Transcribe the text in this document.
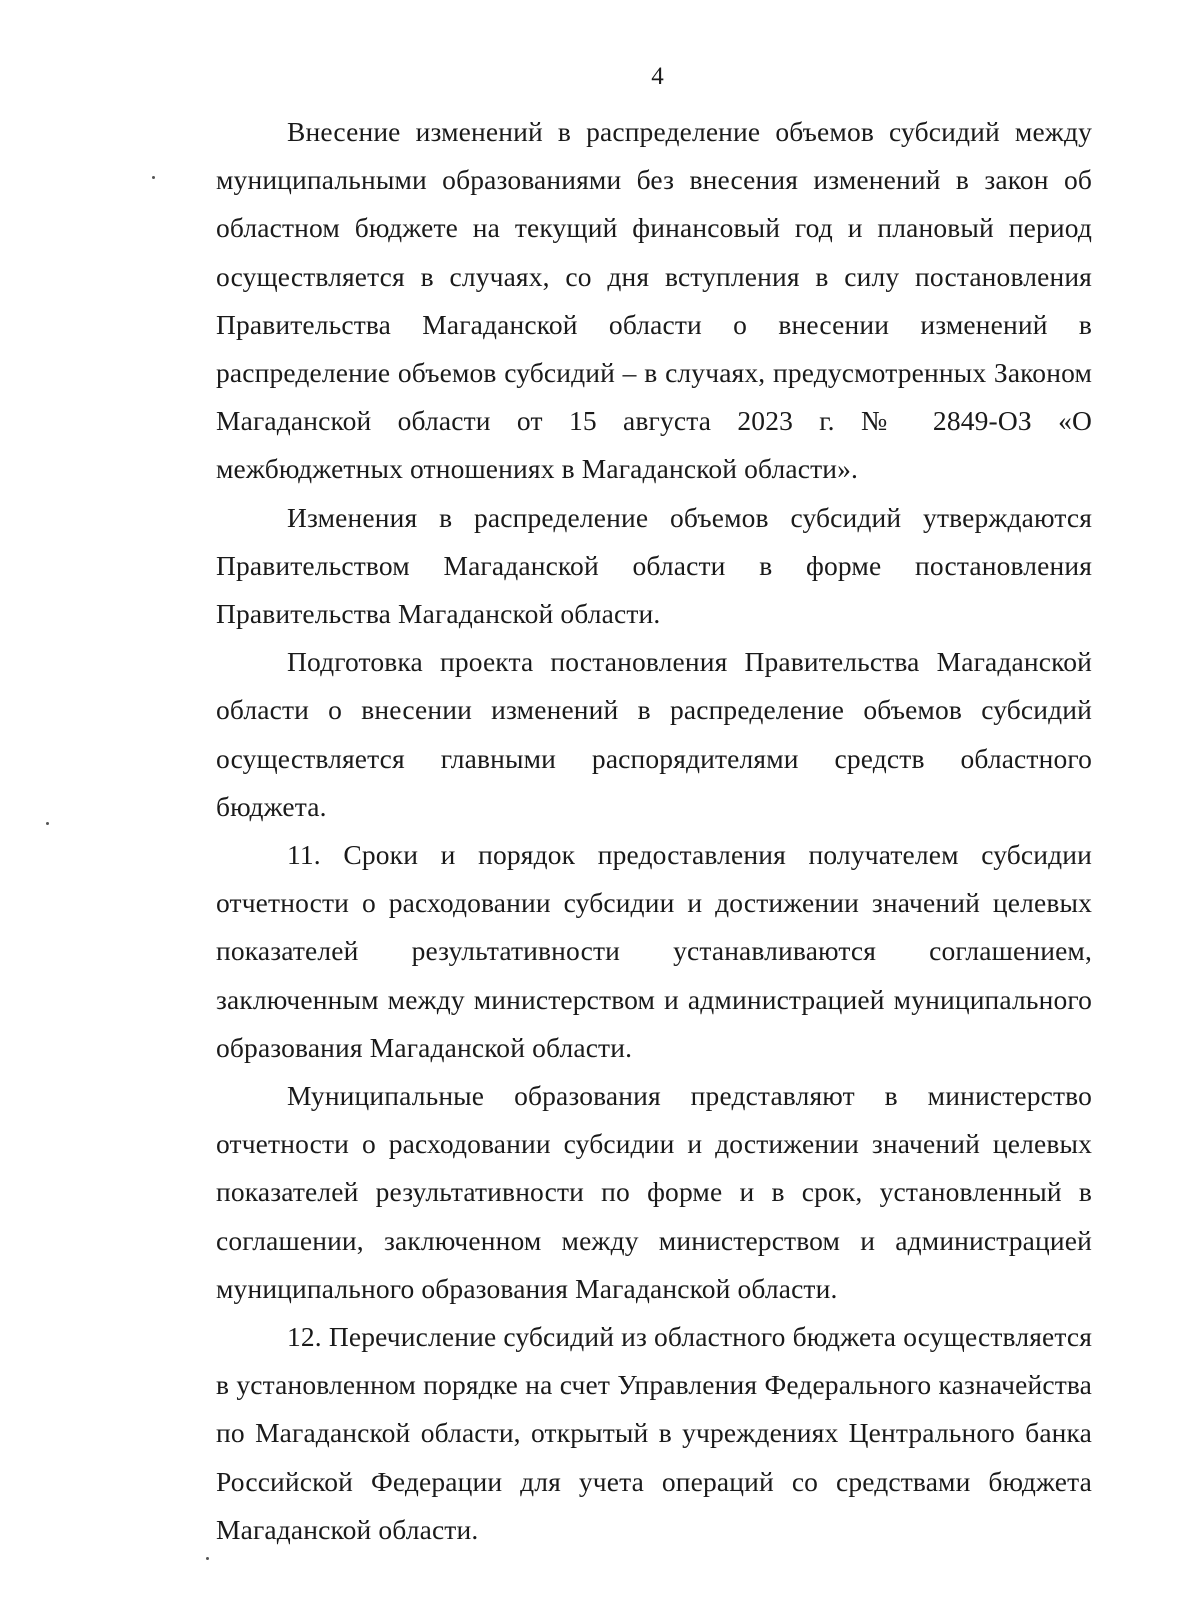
4

Внесение изменений в распределение объемов субсидий между муниципальными образованиями без внесения изменений в закон об областном бюджете на текущий финансовый год и плановый период осуществляется в случаях, со дня вступления в силу постановления Правительства Магаданской области о внесении изменений в распределение объемов субсидий – в случаях, предусмотренных Законом Магаданской области от 15 августа 2023 г. № 2849-ОЗ «О межбюджетных отношениях в Магаданской области».

Изменения в распределение объемов субсидий утверждаются Правительством Магаданской области в форме постановления Правительства Магаданской области.

Подготовка проекта постановления Правительства Магаданской области о внесении изменений в распределение объемов субсидий осуществляется главными распорядителями средств областного бюджета.

11. Сроки и порядок предоставления получателем субсидии отчетности о расходовании субсидии и достижении значений целевых показателей результативности устанавливаются соглашением, заключенным между министерством и администрацией муниципального образования Магаданской области.

Муниципальные образования представляют в министерство отчетности о расходовании субсидии и достижении значений целевых показателей результативности по форме и в срок, установленный в соглашении, заключенном между министерством и администрацией муниципального образования Магаданской области.

12. Перечисление субсидий из областного бюджета осуществляется в установленном порядке на счет Управления Федерального казначейства по Магаданской области, открытый в учреждениях Центрального банка Российской Федерации для учета операций со средствами бюджета Магаданской области.
